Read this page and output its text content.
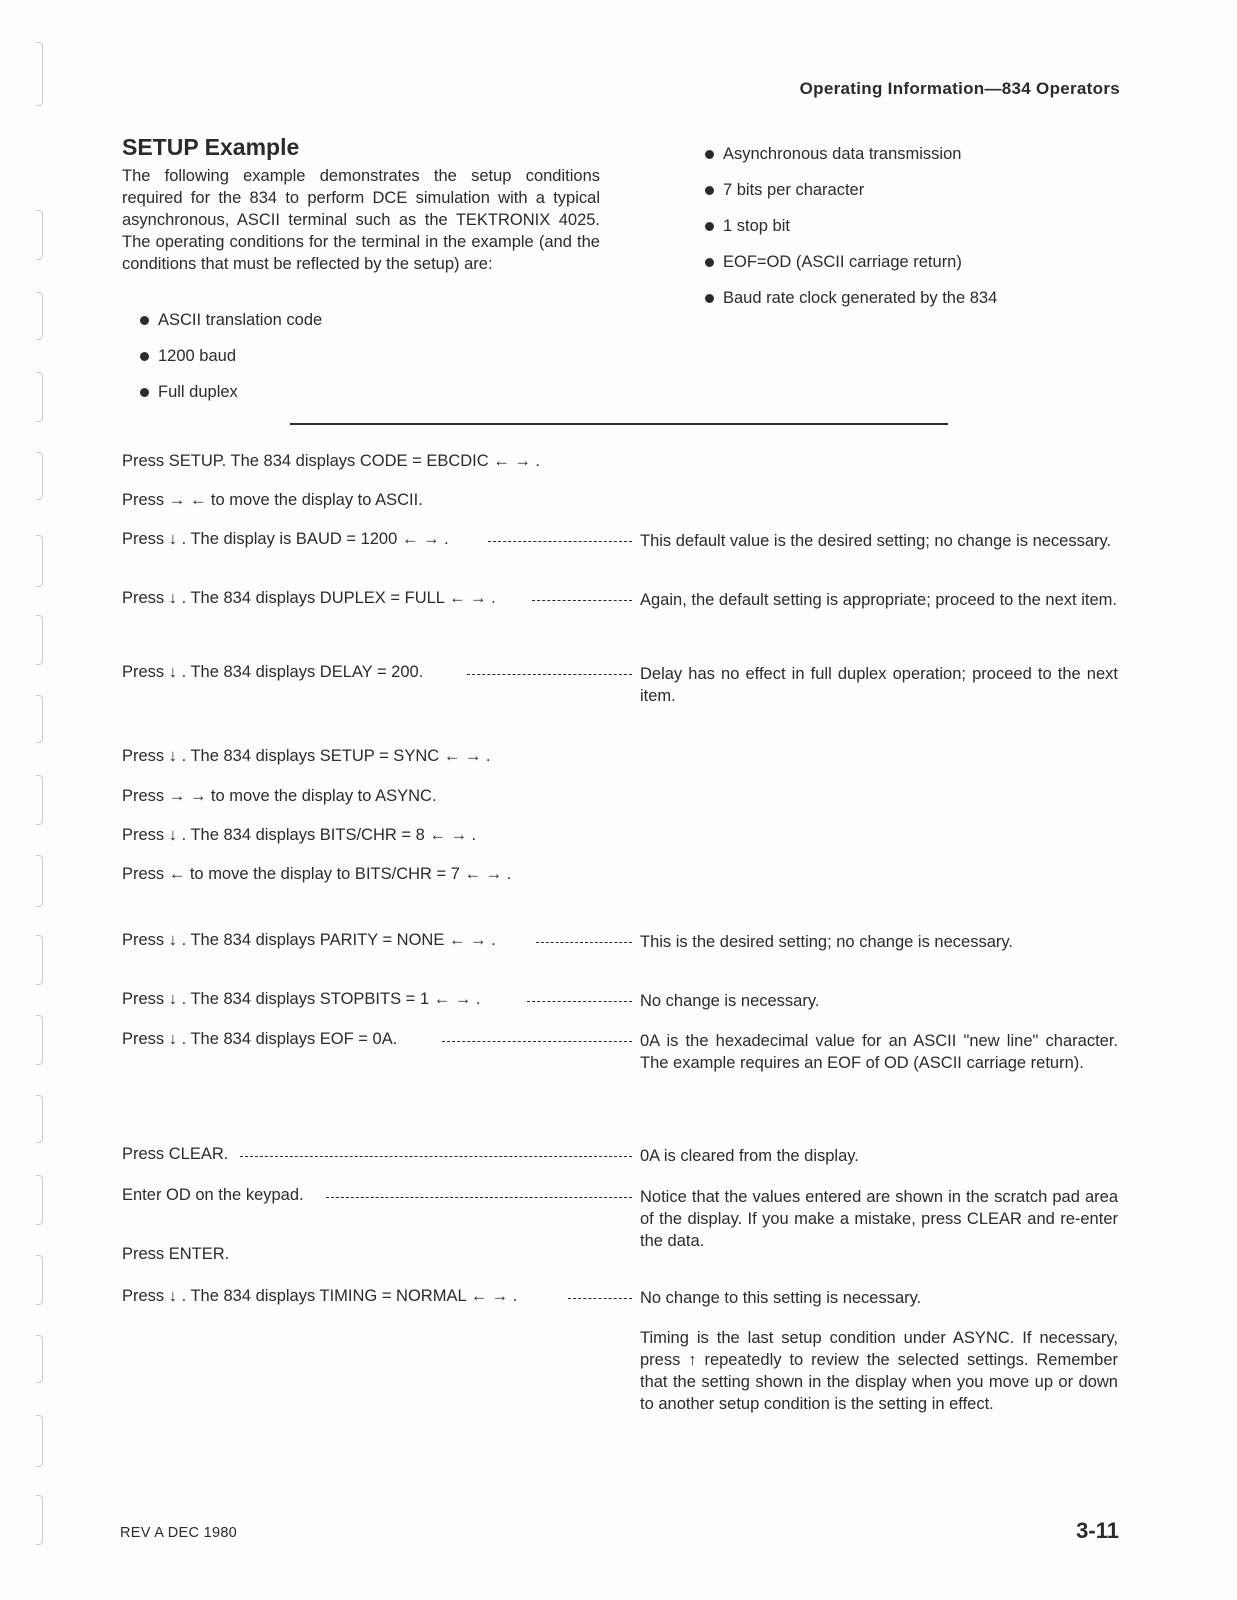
Operating Information—834 Operators
SETUP Example

The following example demonstrates the setup conditions required for the 834 to perform DCE simulation with a typical asynchronous, ASCII terminal such as the TEKTRONIX 4025. The operating conditions for the terminal in the example (and the conditions that must be reflected by the setup) are:

ASCII translation code
1200 baud
Full duplex
Asynchronous data transmission
7 bits per character
1 stop bit
EOF=OD (ASCII carriage return)
Baud rate clock generated by the 834
Press SETUP. The 834 displays CODE = EBCDIC ← → .
Press → ← to move the display to ASCII.
Press ↓ . The display is BAUD = 1200 ← → .	This default value is the desired setting; no change is necessary.

Press ↓ . The 834 displays DUPLEX = FULL ← → .	Again, the default setting is appropriate; proceed to the next item.

Press ↓ . The 834 displays DELAY = 200.	Delay has no effect in full duplex operation; proceed to the next item.

Press ↓ . The 834 displays SETUP = SYNC ← → .
Press → → to move the display to ASYNC.
Press ↓ . The 834 displays BITS/CHR = 8 ← → .
Press ← to move the display to BITS/CHR = 7 ← → .
Press ↓ . The 834 displays PARITY = NONE ← → .	This is the desired setting; no change is necessary.

Press ↓ . The 834 displays STOPBITS = 1 ← → .	No change is necessary.

Press ↓ . The 834 displays EOF = 0A.	0A is the hexadecimal value for an ASCII "new line" character. The example requires an EOF of OD (ASCII carriage return).

Press CLEAR.	0A is cleared from the display.

Enter OD on the keypad.	Notice that the values entered are shown in the scratch pad area of the display. If you make a mistake, press CLEAR and re-enter the data.

Press ENTER.
Press ↓ . The 834 displays TIMING = NORMAL ← → .	No change to this setting is necessary.

Timing is the last setup condition under ASYNC. If necessary, press ↑ repeatedly to review the selected settings. Remember that the setting shown in the display when you move up or down to another setup condition is the setting in effect.

REV A DEC 1980	3-11
